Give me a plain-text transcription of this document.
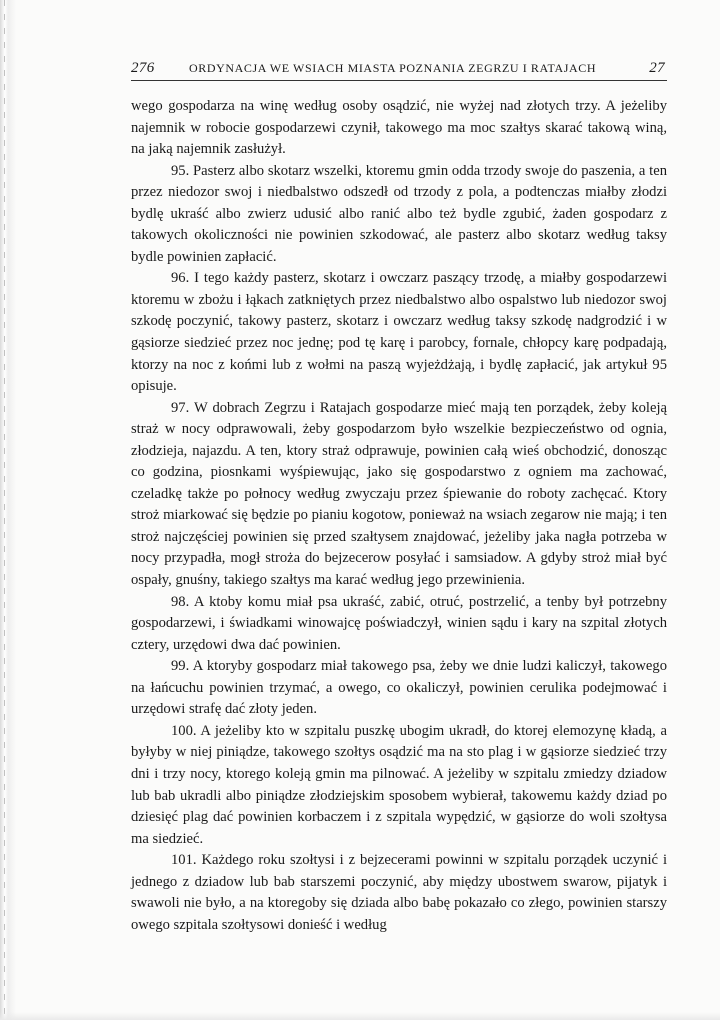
276	ORDYNACJA WE WSIACH MIASTA POZNANIA ZEGRZU I RATAJACH	27

wego gospodarza na winę według osoby osądzić, nie wyżej nad złotych trzy. A jeżeliby najemnik w robocie gospodarzewi czynił, takowego ma moc szałtys skarać takową winą, na jaką najemnik zasłużył.

95. Pasterz albo skotarz wszelki, ktoremu gmin odda trzody swoje do paszenia, a ten przez niedozor swoj i niedbalstwo odszedł od trzody z pola, a podtenczas miałby złodzi bydlę ukraść albo zwierz udusić albo ranić albo też bydle zgubić, żaden gospodarz z takowych okoliczności nie powinien szkodować, ale pasterz albo skotarz według taksy bydle powinien zapłacić.

96. I tego każdy pasterz, skotarz i owczarz paszący trzodę, a miałby gospodarzewi ktoremu w zbożu i łąkach zatkniętych przez niedbalstwo albo ospalstwo lub niedozor swoj szkodę poczynić, takowy pasterz, skotarz i owczarz według taksy szkodę nadgrodzić i w gąsiorze siedzieć przez noc jednę; pod tę karę i parobcy, fornale, chłopcy karę podpadają, ktorzy na noc z końmi lub z wołmi na paszą wyjeżdżają, i bydlę zapłacić, jak artykuł 95 opisuje.

97. W dobrach Zegrzu i Ratajach gospodarze mieć mają ten porządek, żeby koleją straż w nocy odprawowali, żeby gospodarzom było wszelkie bezpieczeństwo od ognia, złodzieja, najazdu. A ten, ktory straż odprawuje, powinien całą wieś obchodzić, donosząc co godzina, piosnkami wyśpiewując, jako się gospodarstwo z ogniem ma zachować, czeladkę także po połnocy według zwyczaju przez śpiewanie do roboty zachęcać. Ktory stroż miarkować się będzie po pianiu kogotow, ponieważ na wsiach zegarow nie mają; i ten stroż najczęściej powinien się przed szałtysem znajdować, jeżeliby jaka nagła potrzeba w nocy przypadła, mogł stroża do bejzecerow posyłać i samsiadow. A gdyby stroż miał być ospały, gnuśny, takiego szałtys ma karać według jego przewinienia.

98. A ktoby komu miał psa ukraść, zabić, otruć, postrzelić, a tenby był potrzebny gospodarzewi, i świadkami winowajcę poświadczył, winien sądu i kary na szpital złotych cztery, urzędowi dwa dać powinien.

99. A ktoryby gospodarz miał takowego psa, żeby we dnie ludzi kaliczył, takowego na łańcuchu powinien trzymać, a owego, co okaliczył, powinien cerulika podejmować i urzędowi strafę dać złoty jeden.

100. A jeżeliby kto w szpitalu puszkę ubogim ukradł, do ktorej elemozynę kładą, a byłyby w niej piniądze, takowego szołtys osądzić ma na sto plag i w gąsiorze siedzieć trzy dni i trzy nocy, ktorego koleją gmin ma pilnować. A jeżeliby w szpitalu zmiedzy dziadow lub bab ukradli albo piniądze złodziejskim sposobem wybierał, takowemu każdy dziad po dziesięć plag dać powinien korbaczem i z szpitala wypędzić, w gąsiorze do woli szołtysa ma siedzieć.

101. Każdego roku szołtysi i z bejzecerami powinni w szpitalu porządek uczynić i jednego z dziadow lub bab starszemi poczynić, aby między ubostwem swarow, pijatyk i swawoli nie było, a na ktoregoby się dziada albo babę pokazało co złego, powinien starszy owego szpitala szołtysowi donieść i według
